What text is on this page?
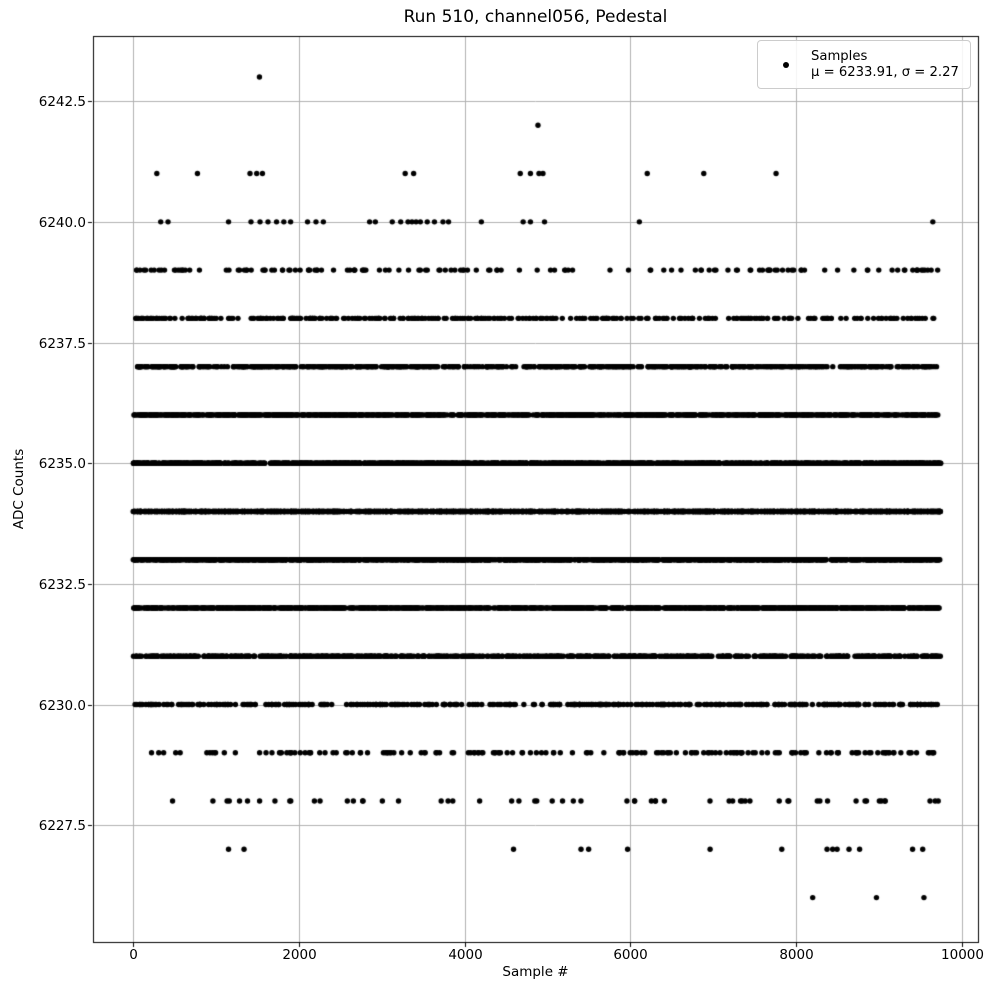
Run 510, channel056, Pedestal
Sample #
ADC Counts
0	2000	4000	6000	8000	10000
6227.5
6230.0
6232.5
6235.0
6237.5
6240.0
6242.5
Samples
μ = 6233.91, σ = 2.27
